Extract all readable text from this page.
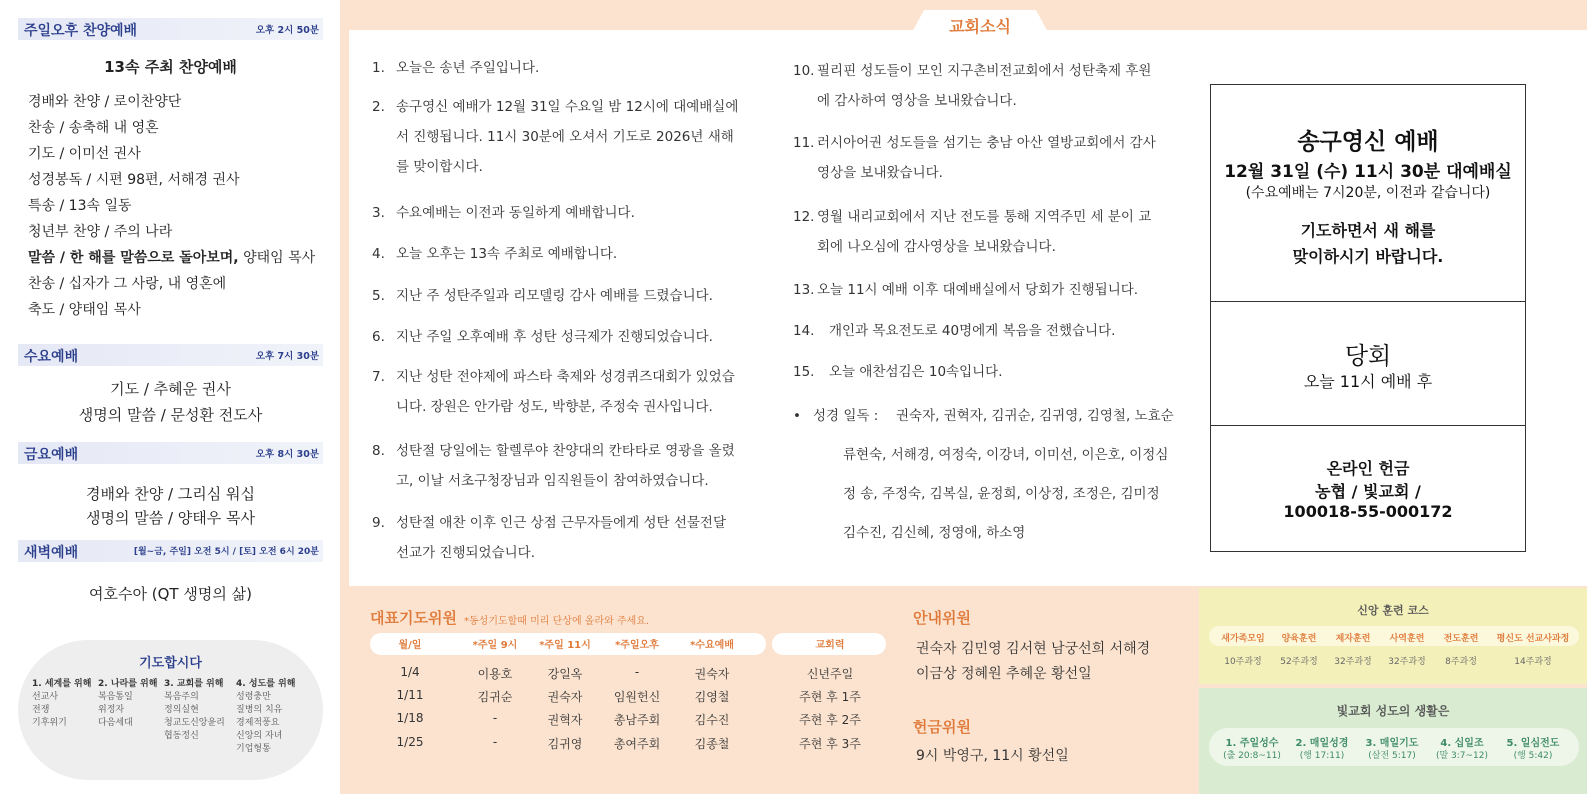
주일오후 찬양예배	오후 2시 50분
13속 주최 찬양예배
경배와 찬양 / 로이찬양단
찬송 / 송축해 내 영혼
기도 / 이미선 권사
성경봉독 / 시편 98편, 서해경 권사
특송 / 13속 일동
청년부 찬양 / 주의 나라
말씀 / 한 해를 말씀으로 돌아보며, 양태임 목사
찬송 / 십자가 그 사랑, 내 영혼에
축도 / 양태임 목사
수요예배	오후 7시 30분
기도 / 추혜운 권사
생명의 말씀 / 문성환 전도사
금요예배	오후 8시 30분
경배와 찬양 / 그리심 워십
생명의 말씀 / 양태우 목사
새벽예배	[월~금, 주일] 오전 5시 / [토] 오전 6시 20분
여호수아 (QT 생명의 삶)
기도합시다
1. 세계를 위해
선교사
전쟁
기후위기
2. 나라를 위해
복음통일
위정자
다음세대
3. 교회를 위해
복음주의
정의실현
청교도신앙윤리
협동정신
4. 성도를 위해
성령충만
질병의 치유
경제적풍요
신앙의 자녀
기업형통
교회소식
1. 오늘은 송년 주일입니다.
2. 송구영신 예배가 12월 31일 수요일 밤 12시에 대예배실에
서 진행됩니다. 11시 30분에 오셔서 기도로 2026년 새해
를 맞이합시다.
3. 수요예배는 이전과 동일하게 예배합니다.
4. 오늘 오후는 13속 주최로 예배합니다.
5. 지난 주 성탄주일과 리모델링 감사 예배를 드렸습니다.
6. 지난 주일 오후예배 후 성탄 성극제가 진행되었습니다.
7. 지난 성탄 전야제에 파스타 축제와 성경퀴즈대회가 있었습
니다. 장원은 안가람 성도, 박향분, 주정숙 권사입니다.
8. 성탄절 당일에는 할렐루야 찬양대의 칸타타로 영광을 올렸
고, 이날 서초구청장님과 임직원들이 참여하였습니다.
9. 성탄절 애찬 이후 인근 상점 근무자들에게 성탄 선물전달
선교가 진행되었습니다.
10. 필리핀 성도들이 모인 지구촌비전교회에서 성탄축제 후원
에 감사하여 영상을 보내왔습니다.
11. 러시아어권 성도들을 섬기는 충남 아산 열방교회에서 감사
영상을 보내왔습니다.
12. 영월 내리교회에서 지난 전도를 통해 지역주민 세 분이 교
회에 나오심에 감사영상을 보내왔습니다.
13. 오늘 11시 예배 이후 대예배실에서 당회가 진행됩니다.
14. 개인과 목요전도로 40명에게 복음을 전했습니다.
15. 오늘 애찬섬김은 10속입니다.
• 성경 일독 : 권숙자, 권혁자, 김귀순, 김귀영, 김영철, 노효순
류현숙, 서해경, 여정숙, 이강녀, 이미선, 이은호, 이정심
정 송, 주정숙, 김복실, 윤정희, 이상정, 조정은, 김미정
김수진, 김신혜, 정영애, 하소영
송구영신 예배
12월 31일 (수) 11시 30분 대예배실
(수요예배는 7시20분, 이전과 같습니다)
기도하면서 새 해를
맞이하시기 바랍니다.
당회
오늘 11시 예배 후
온라인 헌금
농협 / 빛교회 /
100018-55-000172
대표기도위원 *동성기도할때 미리 단상에 올라와 주세요.
월/일	*주일 9시	*주일 11시	*주일오후	*수요예배	교회력
1/4	이용호	강일옥	-	권숙자	신년주일
1/11	김귀순	권숙자	임원헌신	김영철	주현 후 1주
1/18	-	권혁자	총남주회	김수진	주현 후 2주
1/25	-	김귀영	총여주회	김종철	주현 후 3주
안내위원
권숙자 김민영 김서현 남궁선희 서해경
이금상 정혜원 추혜운 황선일
헌금위원
9시 박영구, 11시 황선일
신앙 훈련 코스
새가족모임	양육훈련	제자훈련	사역훈련	전도훈련	평신도 선교사과정
10주과정	52주과정	32주과정	32주과정	8주과정	14주과정
빛교회 성도의 생활은
1. 주일성수	2. 매일성경	3. 매일기도	4. 십일조	5. 일심전도
(출 20:8~11)	(행 17:11)	(살전 5:17)	(말 3:7~12)	(행 5:42)
